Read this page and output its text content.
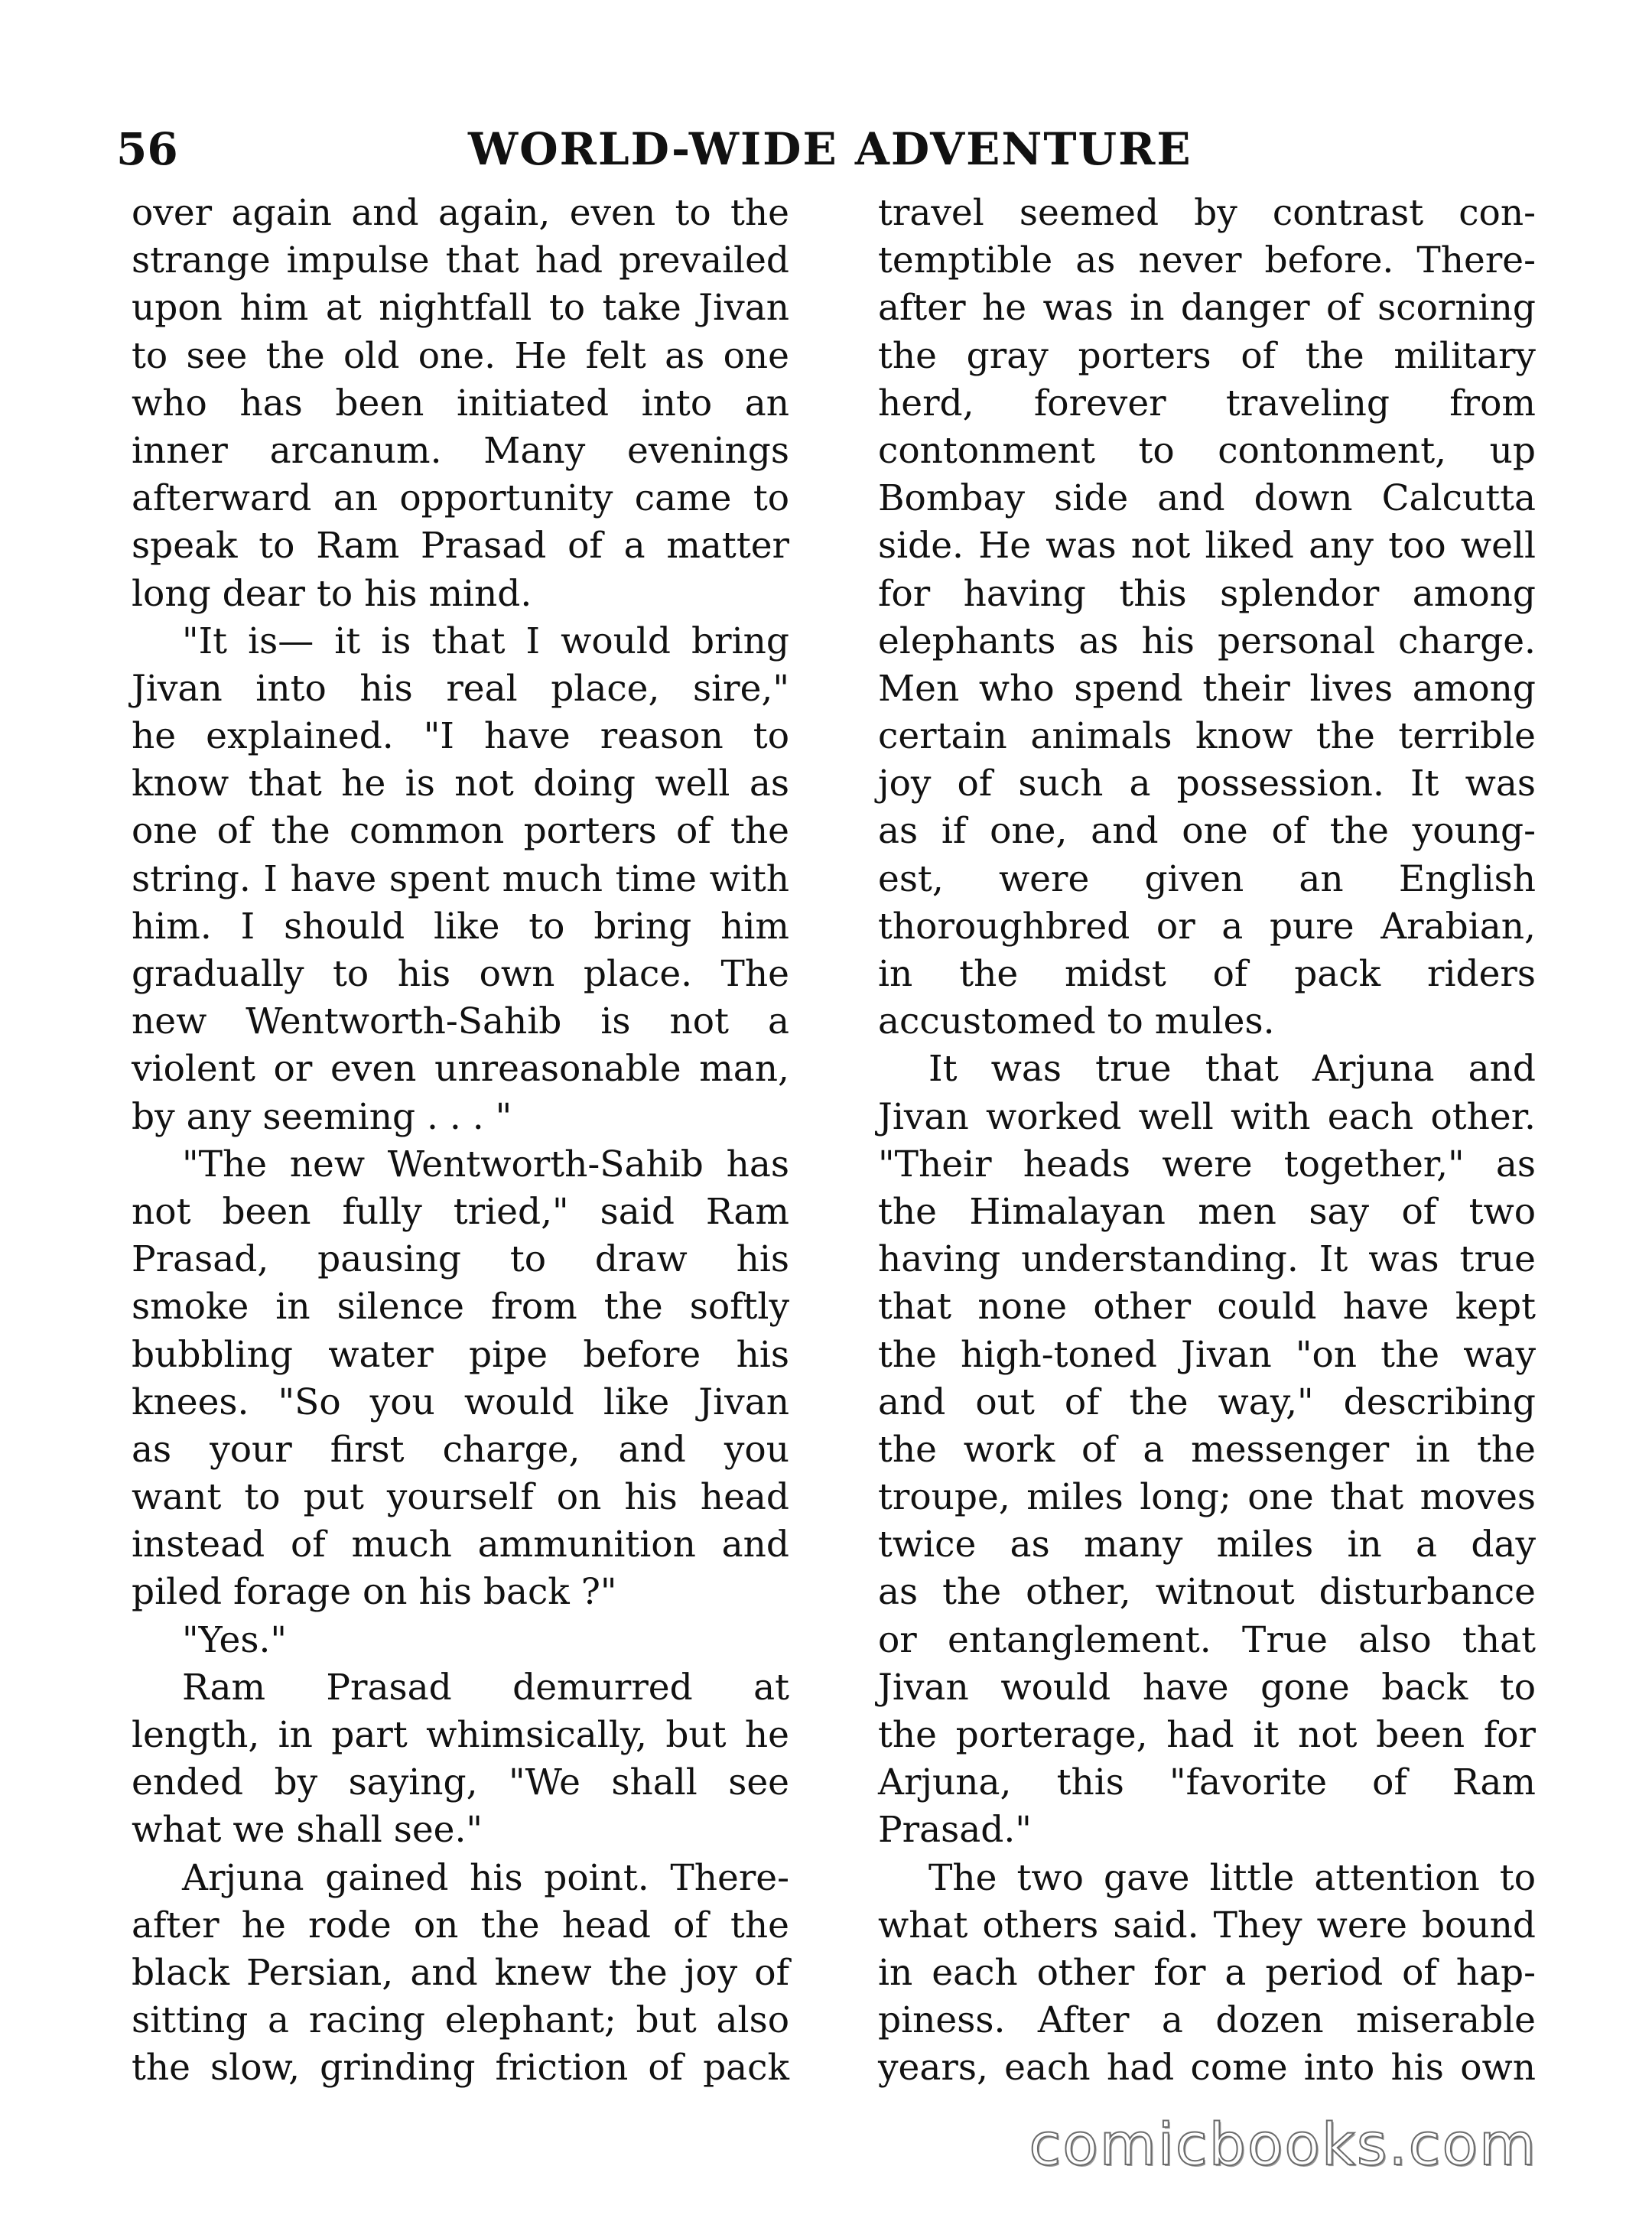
56	WORLD-WIDE ADVENTURE
over again and again, even to the
strange impulse that had prevailed
upon him at nightfall to take Jivan
to see the old one. He felt as one
who has been initiated into an
inner arcanum. Many evenings
afterward an opportunity came to
speak to Ram Prasad of a matter
long dear to his mind.
"It is— it is that I would bring
Jivan into his real place, sire,"
he explained. "I have reason to
know that he is not doing well as
one of the common porters of the
string. I have spent much time with
him. I should like to bring him
gradually to his own place. The
new Wentworth-Sahib is not a
violent or even unreasonable man,
by any seeming . . . "
"The new Wentworth-Sahib has
not been fully tried," said Ram
Prasad, pausing to draw his
smoke in silence from the softly
bubbling water pipe before his
knees. "So you would like Jivan
as your first charge, and you
want to put yourself on his head
instead of much ammunition and
piled forage on his back ?"
"Yes."
Ram Prasad demurred at
length, in part whimsically, but he
ended by saying, "We shall see
what we shall see."
Arjuna gained his point. There-
after he rode on the head of the
black Persian, and knew the joy of
sitting a racing elephant; but also
the slow, grinding friction of pack
travel seemed by contrast con-
temptible as never before. There-
after he was in danger of scorning
the gray porters of the military
herd, forever traveling from
contonment to contonment, up
Bombay side and down Calcutta
side. He was not liked any too well
for having this splendor among
elephants as his personal charge.
Men who spend their lives among
certain animals know the terrible
joy of such a possession. It was
as if one, and one of the young-
est, were given an English
thoroughbred or a pure Arabian,
in the midst of pack riders
accustomed to mules.
It was true that Arjuna and
Jivan worked well with each other.
"Their heads were together," as
the Himalayan men say of two
having understanding. It was true
that none other could have kept
the high-toned Jivan "on the way
and out of the way," describing
the work of a messenger in the
troupe, miles long; one that moves
twice as many miles in a day
as the other, witnout disturbance
or entanglement. True also that
Jivan would have gone back to
the porterage, had it not been for
Arjuna, this "favorite of Ram
Prasad."
The two gave little attention to
what others said. They were bound
in each other for a period of hap-
piness. After a dozen miserable
years, each had come into his own
comicbooks.com
